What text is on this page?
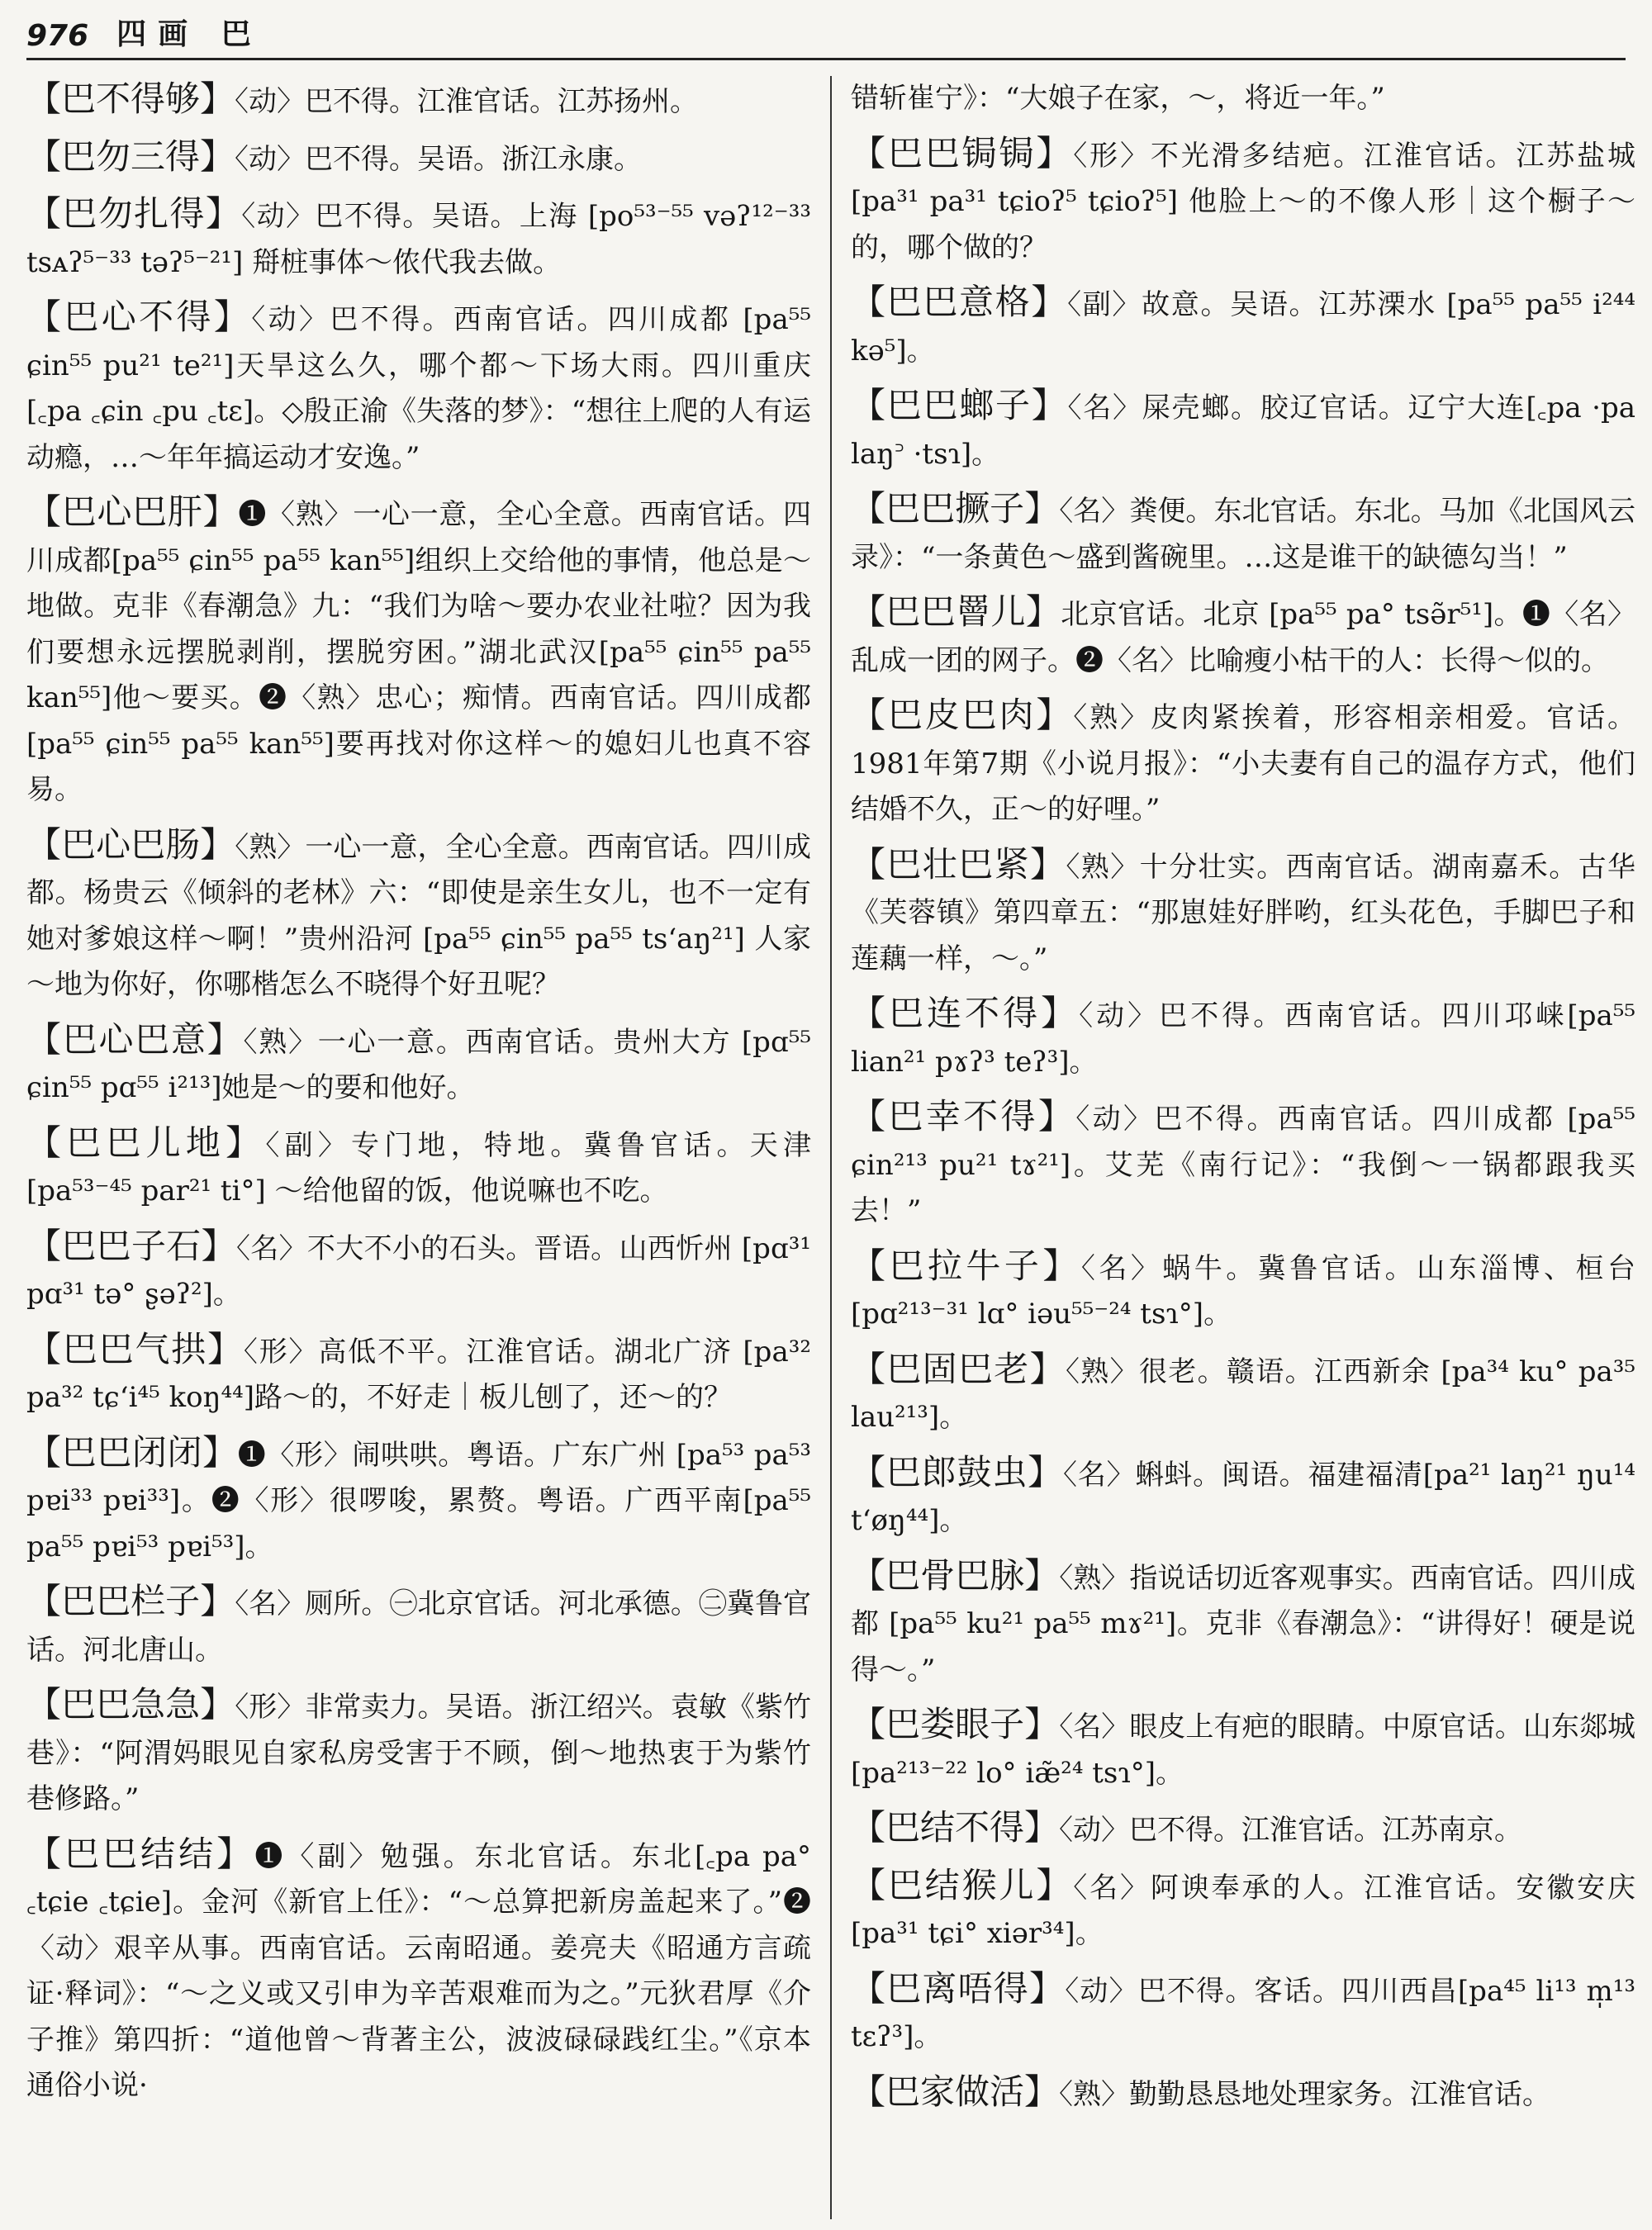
976 四画 巴
【巴不得够】〈动〉巴不得。江淮官话。江苏扬州。
【巴勿三得】〈动〉巴不得。吴语。浙江永康。
【巴勿扎得】〈动〉巴不得。吴语。上海 [po⁵³⁻⁵⁵ vəʔ¹²⁻³³ tsᴀʔ⁵⁻³³ təʔ⁵⁻²¹] 搿桩事体～侬代我去做。
【巴心不得】〈动〉巴不得。西南官话。四川成都 [pa⁵⁵ ɕin⁵⁵ pu²¹ te²¹]天旱这么久，哪个都～下场大雨。四川重庆 [꜀pa ꜀ɕin ꜀pu ꜀tɛ]。◇殷正渝《失落的梦》：“想往上爬的人有运动瘾，…～年年搞运动才安逸。”
【巴心巴肝】❶〈熟〉一心一意，全心全意。西南官话。四川成都[pa⁵⁵ ɕin⁵⁵ pa⁵⁵ kan⁵⁵]组织上交给他的事情，他总是～地做。克非《春潮急》九：“我们为啥～要办农业社啦？因为我们要想永远摆脱剥削，摆脱穷困。”湖北武汉[pa⁵⁵ ɕin⁵⁵ pa⁵⁵ kan⁵⁵]他～要买。❷〈熟〉忠心；痴情。西南官话。四川成都 [pa⁵⁵ ɕin⁵⁵ pa⁵⁵ kan⁵⁵]要再找对你这样～的媳妇儿也真不容易。
【巴心巴肠】〈熟〉一心一意，全心全意。西南官话。四川成都。杨贵云《倾斜的老林》六：“即使是亲生女儿，也不一定有她对爹娘这样～啊！”贵州沿河 [pa⁵⁵ ɕin⁵⁵ pa⁵⁵ tsʻaŋ²¹] 人家～地为你好，你哪楷怎么不晓得个好丑呢？
【巴心巴意】〈熟〉一心一意。西南官话。贵州大方 [pɑ⁵⁵ ɕin⁵⁵ pɑ⁵⁵ i²¹³]她是～的要和他好。
【巴巴儿地】〈副〉专门地，特地。冀鲁官话。天津 [pa⁵³⁻⁴⁵ par²¹ ti°] ～给他留的饭，他说嘛也不吃。
【巴巴子石】〈名〉不大不小的石头。晋语。山西忻州 [pɑ³¹ pɑ³¹ tə° ʂəʔ²]。
【巴巴气拱】〈形〉高低不平。江淮官话。湖北广济 [pa³² pa³² tɕʻi⁴⁵ koŋ⁴⁴]路～的，不好走｜板儿刨了，还～的？
【巴巴闭闭】❶〈形〉闹哄哄。粤语。广东广州 [pa⁵³ pa⁵³ pɐi³³ pɐi³³]。❷〈形〉很啰唆，累赘。粤语。广西平南[pa⁵⁵ pa⁵⁵ pɐi⁵³ pɐi⁵³]。
【巴巴栏子】〈名〉厕所。㊀北京官话。河北承德。㊁冀鲁官话。河北唐山。
【巴巴急急】〈形〉非常卖力。吴语。浙江绍兴。袁敏《紫竹巷》：“阿渭妈眼见自家私房受害于不顾，倒～地热衷于为紫竹巷修路。”
【巴巴结结】❶〈副〉勉强。东北官话。东北[꜀pa pa° ꜀tɕie ꜀tɕie]。金河《新官上任》：“～总算把新房盖起来了。”❷〈动〉艰辛从事。西南官话。云南昭通。姜亮夫《昭通方言疏证·释词》：“～之义或又引申为辛苦艰难而为之。”元狄君厚《介子推》第四折：“道他曾～背著主公，波波碌碌践红尘。”《京本通俗小说·
错斩崔宁》：“大娘子在家，～，将近一年。”
【巴巴锔锔】〈形〉不光滑多结疤。江淮官话。江苏盐城[pa³¹ pa³¹ tɕioʔ⁵ tɕioʔ⁵] 他脸上～的不像人形｜这个橱子～的，哪个做的？
【巴巴意格】〈副〉故意。吴语。江苏溧水 [pa⁵⁵ pa⁵⁵ i²⁴⁴ kə⁵]。
【巴巴螂子】〈名〉屎壳螂。胶辽官话。辽宁大连[꜀pa ·pa laŋ꜄ ·tsɿ]。
【巴巴撅子】〈名〉粪便。东北官话。东北。马加《北国风云录》：“一条黄色～盛到酱碗里。…这是谁干的缺德勾当！”
【巴巴罾儿】北京官话。北京 [pa⁵⁵ pa° tsə̃r⁵¹]。❶〈名〉乱成一团的网子。❷〈名〉比喻瘦小枯干的人：长得～似的。
【巴皮巴肉】〈熟〉皮肉紧挨着，形容相亲相爱。官话。1981年第7期《小说月报》：“小夫妻有自己的温存方式，他们结婚不久，正～的好哩。”
【巴壮巴紧】〈熟〉十分壮实。西南官话。湖南嘉禾。古华《芙蓉镇》第四章五：“那崽娃好胖哟，红头花色，手脚巴子和莲藕一样，～。”
【巴连不得】〈动〉巴不得。西南官话。四川邛崃[pa⁵⁵ lian²¹ pɤʔ³ teʔ³]。
【巴幸不得】〈动〉巴不得。西南官话。四川成都 [pa⁵⁵ ɕin²¹³ pu²¹ tɤ²¹]。艾芜《南行记》：“我倒～一锅都跟我买去！”
【巴拉牛子】〈名〉蜗牛。冀鲁官话。山东淄博、桓台 [pɑ²¹³⁻³¹ lɑ° iəu⁵⁵⁻²⁴ tsɿ°]。
【巴固巴老】〈熟〉很老。赣语。江西新余 [pa³⁴ ku° pa³⁵ lau²¹³]。
【巴郎鼓虫】〈名〉蝌蚪。闽语。福建福清[pa²¹ laŋ²¹ ŋu¹⁴ tʻøŋ⁴⁴]。
【巴骨巴脉】〈熟〉指说话切近客观事实。西南官话。四川成都 [pa⁵⁵ ku²¹ pa⁵⁵ mɤ²¹]。克非《春潮急》：“讲得好！硬是说得～。”
【巴娄眼子】〈名〉眼皮上有疤的眼睛。中原官话。山东郯城 [pa²¹³⁻²² lo° iæ̃²⁴ tsɿ°]。
【巴结不得】〈动〉巴不得。江淮官话。江苏南京。
【巴结猴儿】〈名〉阿谀奉承的人。江淮官话。安徽安庆[pa³¹ tɕi° xiər³⁴]。
【巴离唔得】〈动〉巴不得。客话。四川西昌[pa⁴⁵ li¹³ m̩¹³ tɛʔ³]。
【巴家做活】〈熟〉勤勤恳恳地处理家务。江淮官话。
